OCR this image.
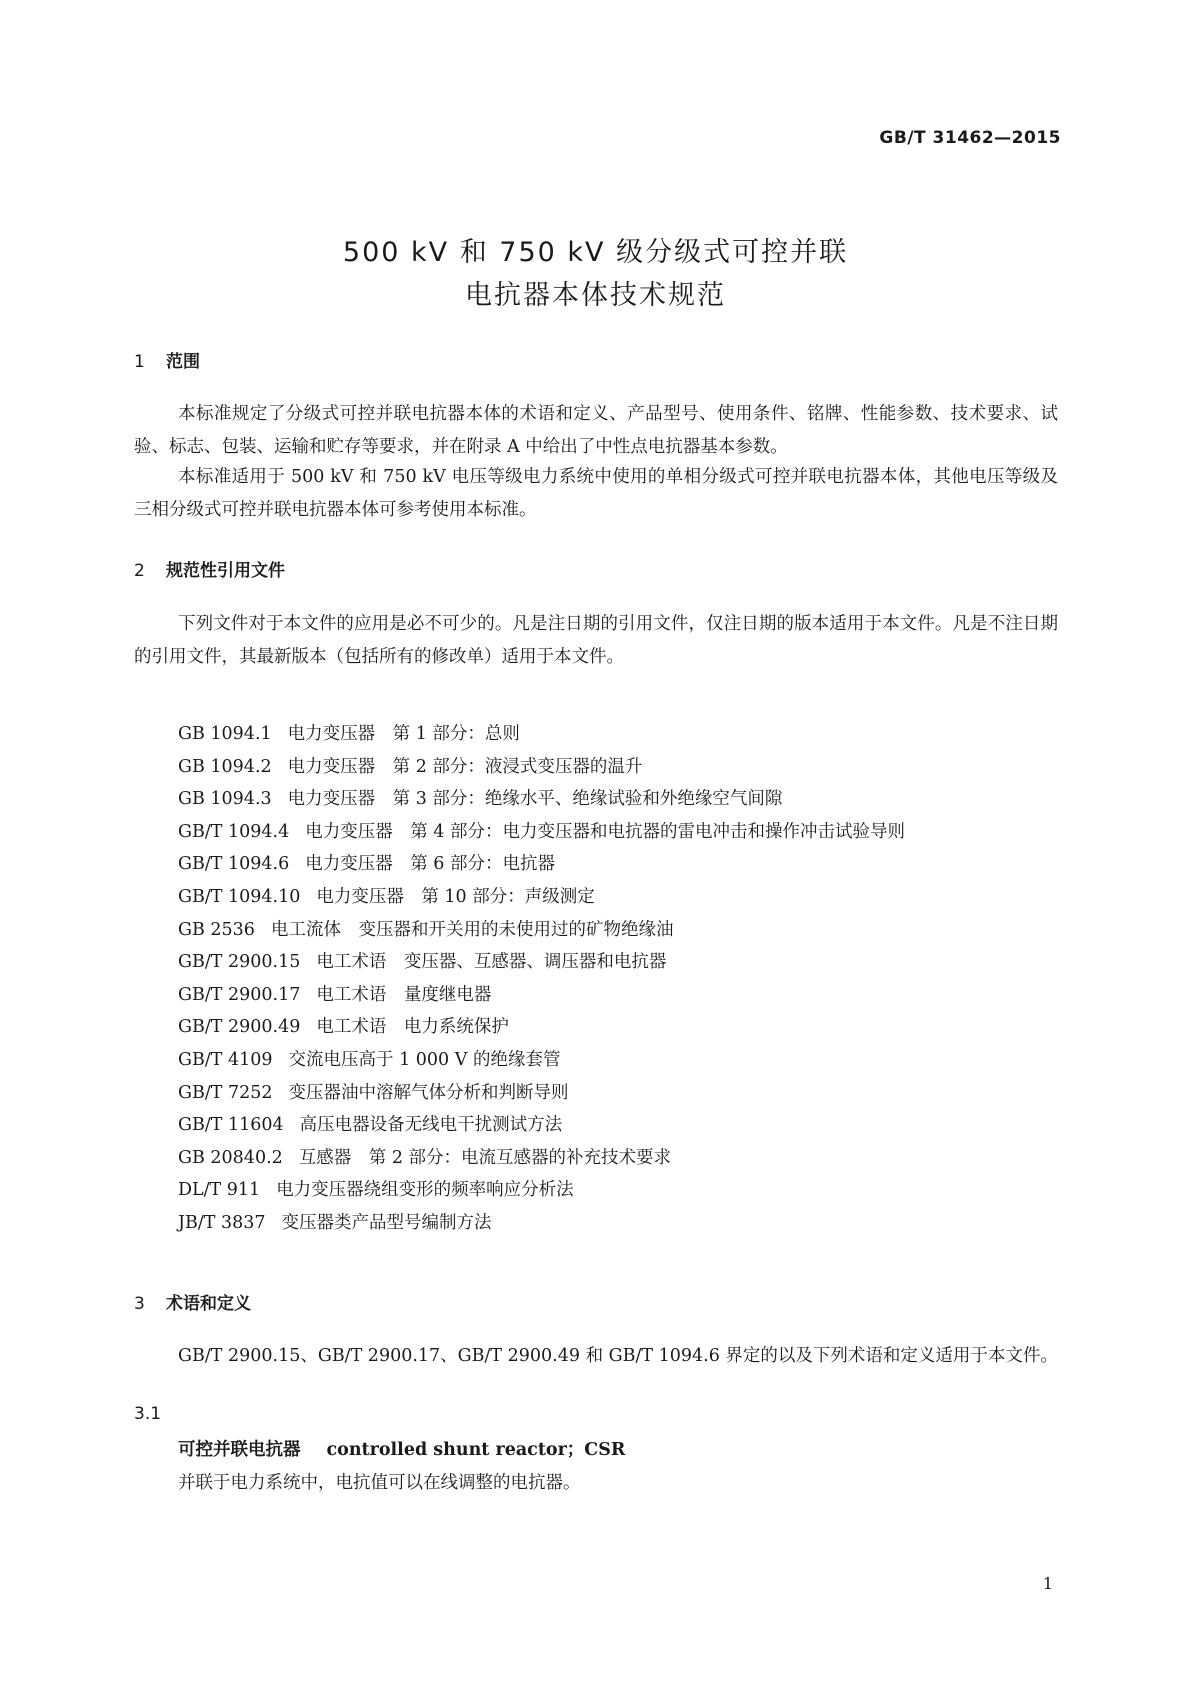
GB/T 31462—2015
500 kV 和 750 kV 级分级式可控并联
电抗器本体技术规范
1 范围
本标准规定了分级式可控并联电抗器本体的术语和定义、产品型号、使用条件、铭牌、性能参数、技术要求、试验、标志、包装、运输和贮存等要求，并在附录 A 中给出了中性点电抗器基本参数。
本标准适用于 500 kV 和 750 kV 电压等级电力系统中使用的单相分级式可控并联电抗器本体，其他电压等级及三相分级式可控并联电抗器本体可参考使用本标准。
2 规范性引用文件
下列文件对于本文件的应用是必不可少的。凡是注日期的引用文件，仅注日期的版本适用于本文件。凡是不注日期的引用文件，其最新版本（包括所有的修改单）适用于本文件。
GB 1094.1 电力变压器　第 1 部分：总则
GB 1094.2 电力变压器　第 2 部分：液浸式变压器的温升
GB 1094.3 电力变压器　第 3 部分：绝缘水平、绝缘试验和外绝缘空气间隙
GB/T 1094.4 电力变压器　第 4 部分：电力变压器和电抗器的雷电冲击和操作冲击试验导则
GB/T 1094.6 电力变压器　第 6 部分：电抗器
GB/T 1094.10 电力变压器　第 10 部分：声级测定
GB 2536 电工流体　变压器和开关用的未使用过的矿物绝缘油
GB/T 2900.15 电工术语　变压器、互感器、调压器和电抗器
GB/T 2900.17 电工术语　量度继电器
GB/T 2900.49 电工术语　电力系统保护
GB/T 4109 交流电压高于 1 000 V 的绝缘套管
GB/T 7252 变压器油中溶解气体分析和判断导则
GB/T 11604 高压电器设备无线电干扰测试方法
GB 20840.2 互感器　第 2 部分：电流互感器的补充技术要求
DL/T 911 电力变压器绕组变形的频率响应分析法
JB/T 3837 变压器类产品型号编制方法
3 术语和定义
GB/T 2900.15、GB/T 2900.17、GB/T 2900.49 和 GB/T 1094.6 界定的以及下列术语和定义适用于本文件。
3.1
可控并联电抗器 controlled shunt reactor；CSR
并联于电力系统中，电抗值可以在线调整的电抗器。
1
